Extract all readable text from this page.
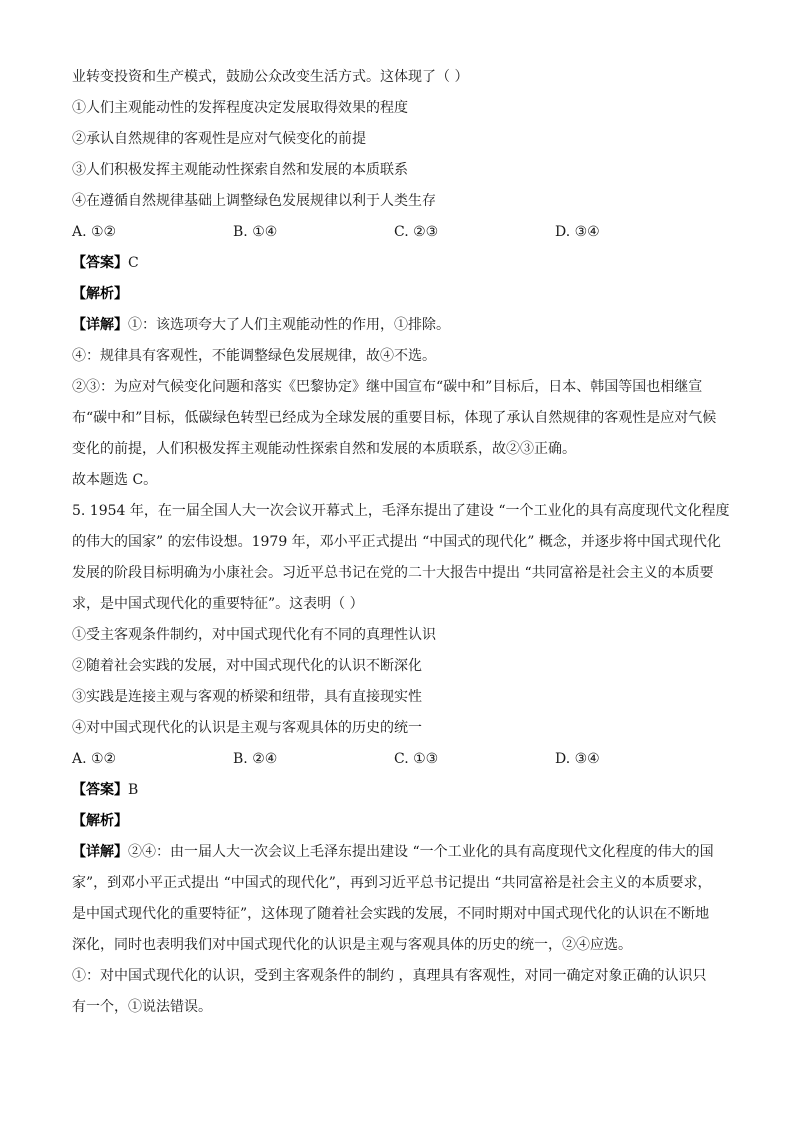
业转变投资和生产模式，鼓励公众改变生活方式。这体现了（ ）
①人们主观能动性的发挥程度决定发展取得效果的程度
②承认自然规律的客观性是应对气候变化的前提
③人们积极发挥主观能动性探索自然和发展的本质联系
④在遵循自然规律基础上调整绿色发展规律以利于人类生存
A. ①②	B. ①④	C. ②③	D. ③④
【答案】C
【解析】
【详解】①：该选项夸大了人们主观能动性的作用，①排除。
④：规律具有客观性，不能调整绿色发展规律，故④不选。
②③：为应对气候变化问题和落实《巴黎协定》继中国宣布“碳中和”目标后，日本、韩国等国也相继宣
布“碳中和”目标，低碳绿色转型已经成为全球发展的重要目标，体现了承认自然规律的客观性是应对气候
变化的前提，人们积极发挥主观能动性探索自然和发展的本质联系，故②③正确。
故本题选 C。
5. 1954 年，在一届全国人大一次会议开幕式上，毛泽东提出了建设 “一个工业化的具有高度现代文化程度
的伟大的国家” 的宏伟设想。1979 年，邓小平正式提出 “中国式的现代化” 概念，并逐步将中国式现代化
发展的阶段目标明确为小康社会。习近平总书记在党的二十大报告中提出 “共同富裕是社会主义的本质要
求，是中国式现代化的重要特征”。这表明（ ）
①受主客观条件制约，对中国式现代化有不同的真理性认识
②随着社会实践的发展，对中国式现代化的认识不断深化
③实践是连接主观与客观的桥梁和纽带，具有直接现实性
④对中国式现代化的认识是主观与客观具体的历史的统一
A. ①②	B. ②④	C. ①③	D. ③④
【答案】B
【解析】
【详解】②④：由一届人大一次会议上毛泽东提出建设 “一个工业化的具有高度现代文化程度的伟大的国
家”，到邓小平正式提出 “中国式的现代化”，再到习近平总书记提出 “共同富裕是社会主义的本质要求，
是中国式现代化的重要特征”，这体现了随着社会实践的发展，不同时期对中国式现代化的认识在不断地
深化，同时也表明我们对中国式现代化的认识是主观与客观具体的历史的统一，②④应选。
①：对中国式现代化的认识，受到主客观条件的制约 ，真理具有客观性，对同一确定对象正确的认识只
有一个，①说法错误。
